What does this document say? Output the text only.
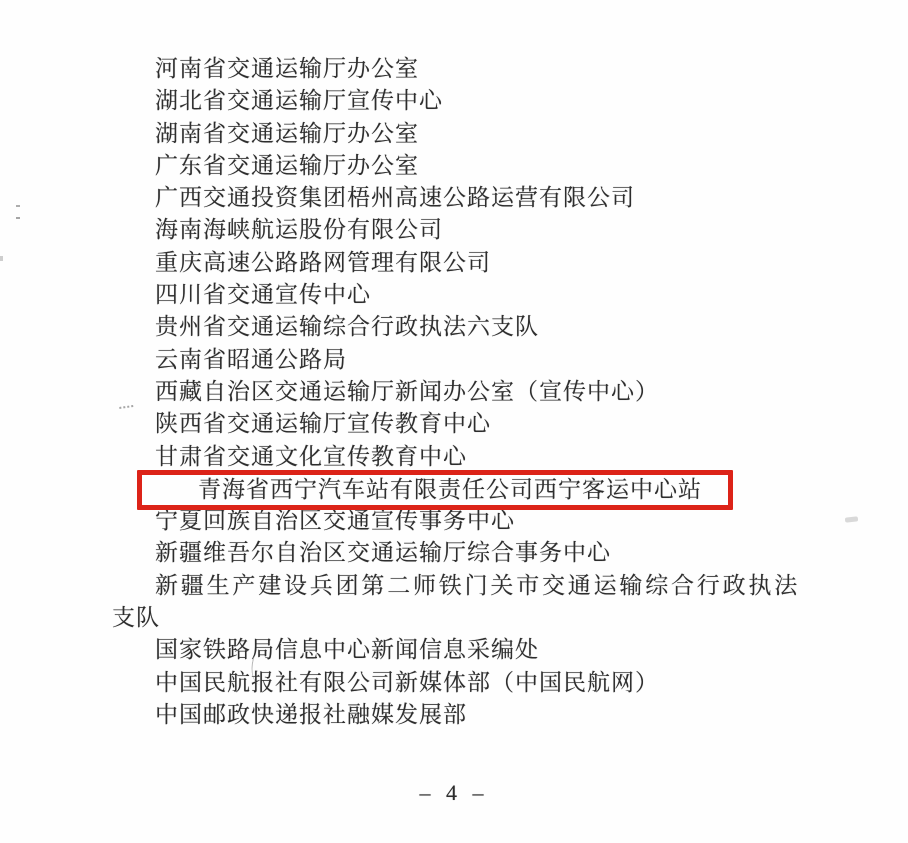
河南省交通运输厅办公室
湖北省交通运输厅宣传中心
湖南省交通运输厅办公室
广东省交通运输厅办公室
广西交通投资集团梧州高速公路运营有限公司
海南海峡航运股份有限公司
重庆高速公路路网管理有限公司
四川省交通宣传中心
贵州省交通运输综合行政执法六支队
云南省昭通公路局
西藏自治区交通运输厅新闻办公室（宣传中心）
陕西省交通运输厅宣传教育中心
甘肃省交通文化宣传教育中心
青海省西宁汽车站有限责任公司西宁客运中心站
宁夏回族自治区交通宣传事务中心
新疆维吾尔自治区交通运输厅综合事务中心
新疆生产建设兵团第二师铁门关市交通运输综合行政执法
支队
国家铁路局信息中心新闻信息采编处
中国民航报社有限公司新媒体部（中国民航网）
中国邮政快递报社融媒发展部
– 4 –
